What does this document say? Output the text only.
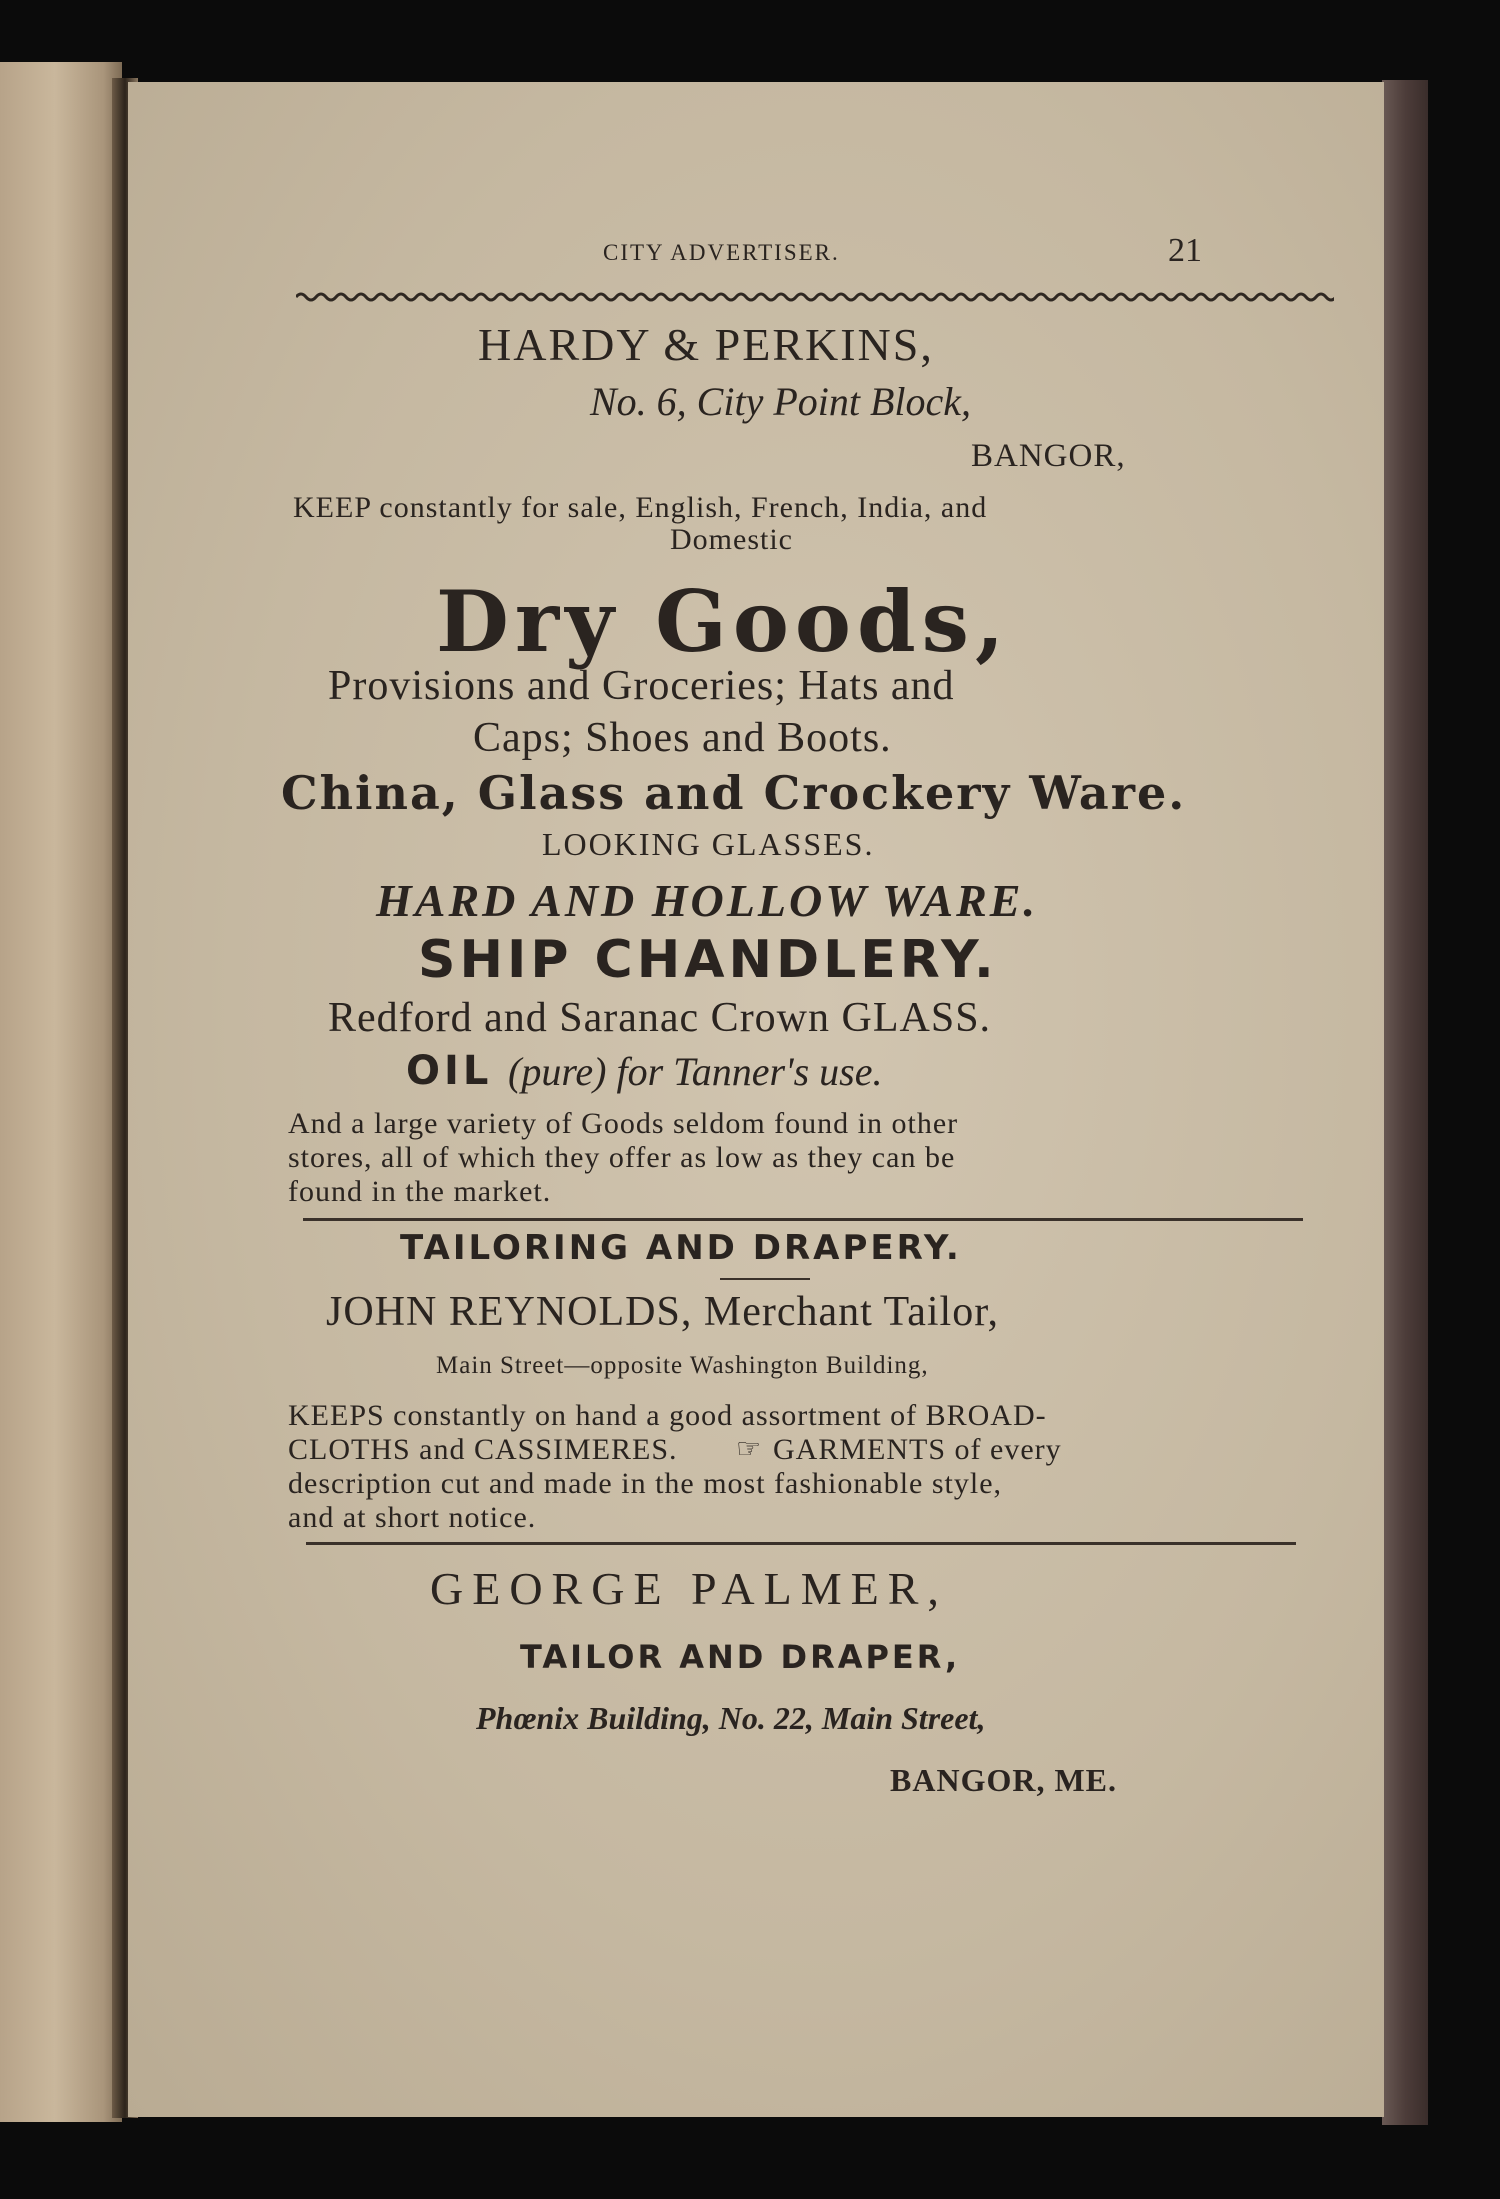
CITY ADVERTISER.	21
HARDY & PERKINS,
No. 6, City Point Block,
BANGOR,
KEEP constantly for sale, English, French, India, and
Domestic
Dry Goods,
Provisions and Groceries; Hats and
Caps; Shoes and Boots.
China, Glass and Crockery Ware.
LOOKING GLASSES.
HARD AND HOLLOW WARE.
SHIP CHANDLERY.
Redford and Saranac Crown GLASS.
OIL (pure) for Tanner's use.
And a large variety of Goods seldom found in other
stores, all of which they offer as low as they can be
found in the market.
TAILORING AND DRAPERY.
JOHN REYNOLDS, Merchant Tailor,
Main Street—opposite Washington Building,
KEEPS constantly on hand a good assortment of BROAD-
CLOTHS and CASSIMERES. ☞ GARMENTS of every
description cut and made in the most fashionable style,
and at short notice.
GEORGE PALMER,
TAILOR AND DRAPER,
Phœnix Building, No. 22, Main Street,
BANGOR, ME.
